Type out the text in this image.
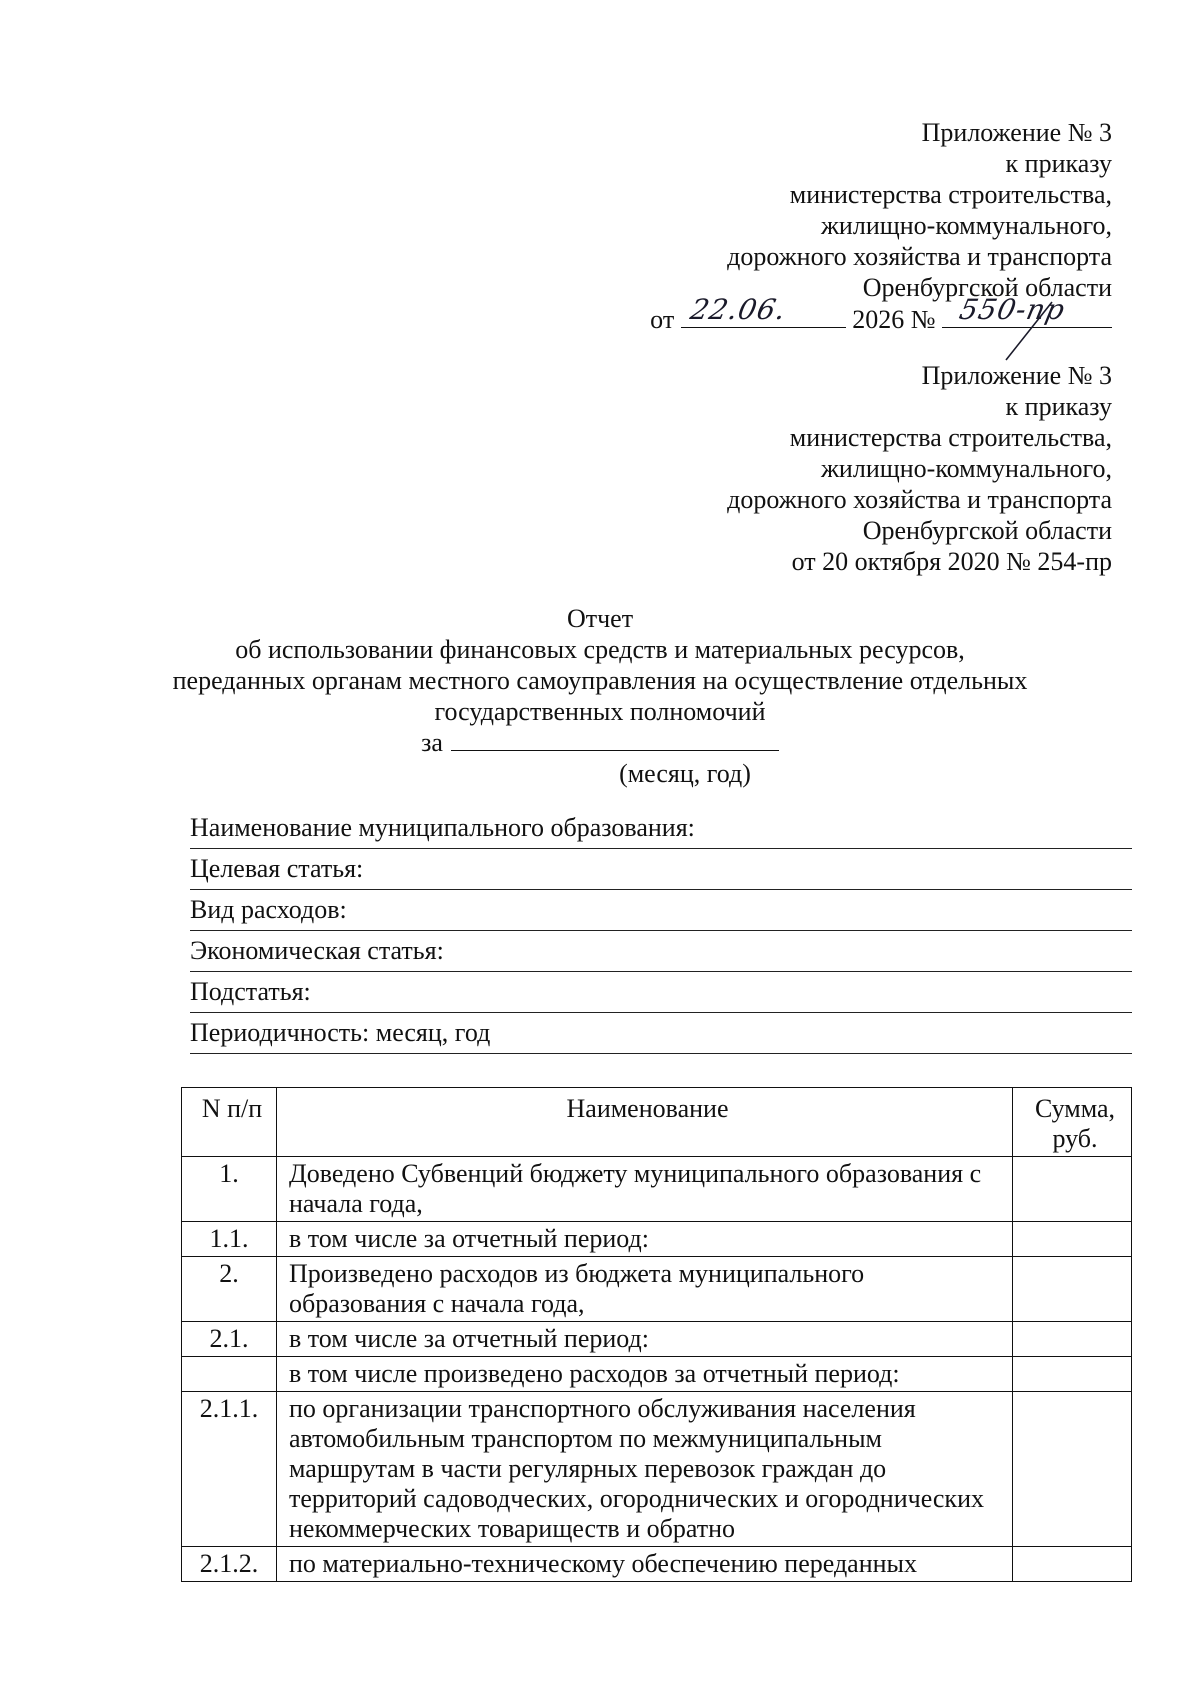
Приложение № 3
к приказу
министерства строительства,
жилищно-коммунального,
дорожного хозяйства и транспорта
Оренбургской области
от 22.06. 2026 № 550-пр
Приложение № 3
к приказу
министерства строительства,
жилищно-коммунального,
дорожного хозяйства и транспорта
Оренбургской области
от 20 октября 2020 № 254-пр
Отчет
об использовании финансовых средств и материальных ресурсов,
переданных органам местного самоуправления на осуществление отдельных
государственных полномочий
за
(месяц, год)
Наименование муниципального образования:
Целевая статья:
Вид расходов:
Экономическая статья:
Подстатья:
Периодичность: месяц, год
N п/п	Наименование	Сумма, руб.
1.	Доведено Субвенций бюджету муниципального образования с начала года,	
1.1.	в том числе за отчетный период:	
2.	Произведено расходов из бюджета муниципального образования с начала года,	
2.1.	в том числе за отчетный период:	
	в том числе произведено расходов за отчетный период:	
2.1.1.	по организации транспортного обслуживания населения автомобильным транспортом по межмуниципальным маршрутам в части регулярных перевозок граждан до территорий садоводческих, огороднических и огороднических некоммерческих товариществ и обратно	
2.1.2.	по материально-техническому обеспечению переданных	
